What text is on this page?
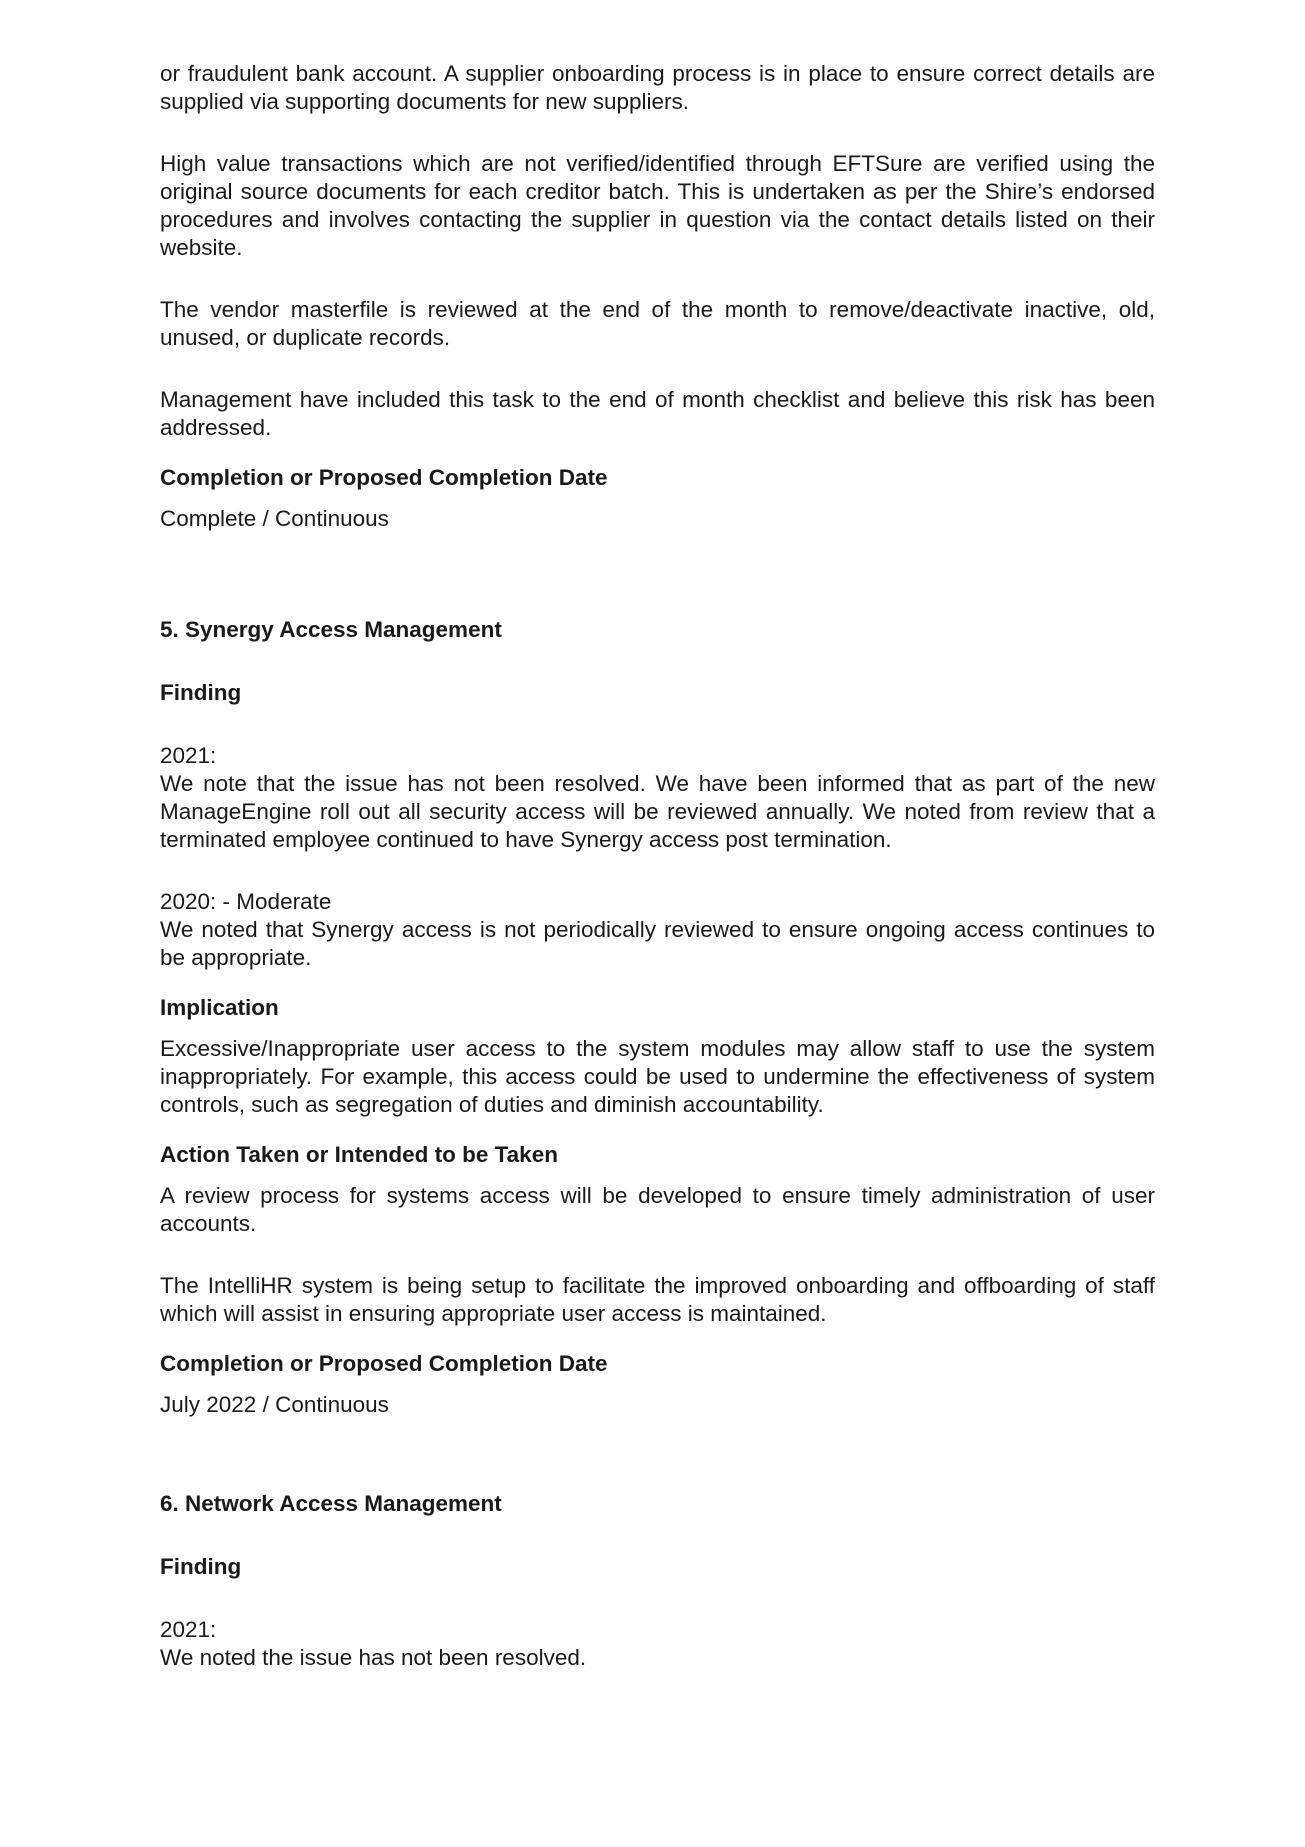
or fraudulent bank account. A supplier onboarding process is in place to ensure correct details are supplied via supporting documents for new suppliers.

High value transactions which are not verified/identified through EFTSure are verified using the original source documents for each creditor batch. This is undertaken as per the Shire’s endorsed procedures and involves contacting the supplier in question via the contact details listed on their website.

The vendor masterfile is reviewed at the end of the month to remove/deactivate inactive, old, unused, or duplicate records.

Management have included this task to the end of month checklist and believe this risk has been addressed.

Completion or Proposed Completion Date

Complete / Continuous

5. Synergy Access Management

Finding

2021:

We note that the issue has not been resolved. We have been informed that as part of the new ManageEngine roll out all security access will be reviewed annually. We noted from review that a terminated employee continued to have Synergy access post termination.

2020: - Moderate

We noted that Synergy access is not periodically reviewed to ensure ongoing access continues to be appropriate.

Implication

Excessive/Inappropriate user access to the system modules may allow staff to use the system inappropriately. For example, this access could be used to undermine the effectiveness of system controls, such as segregation of duties and diminish accountability.

Action Taken or Intended to be Taken

A review process for systems access will be developed to ensure timely administration of user accounts.

The IntelliHR system is being setup to facilitate the improved onboarding and offboarding of staff which will assist in ensuring appropriate user access is maintained.

Completion or Proposed Completion Date

July 2022 / Continuous

6. Network Access Management

Finding

2021:

We noted the issue has not been resolved.
